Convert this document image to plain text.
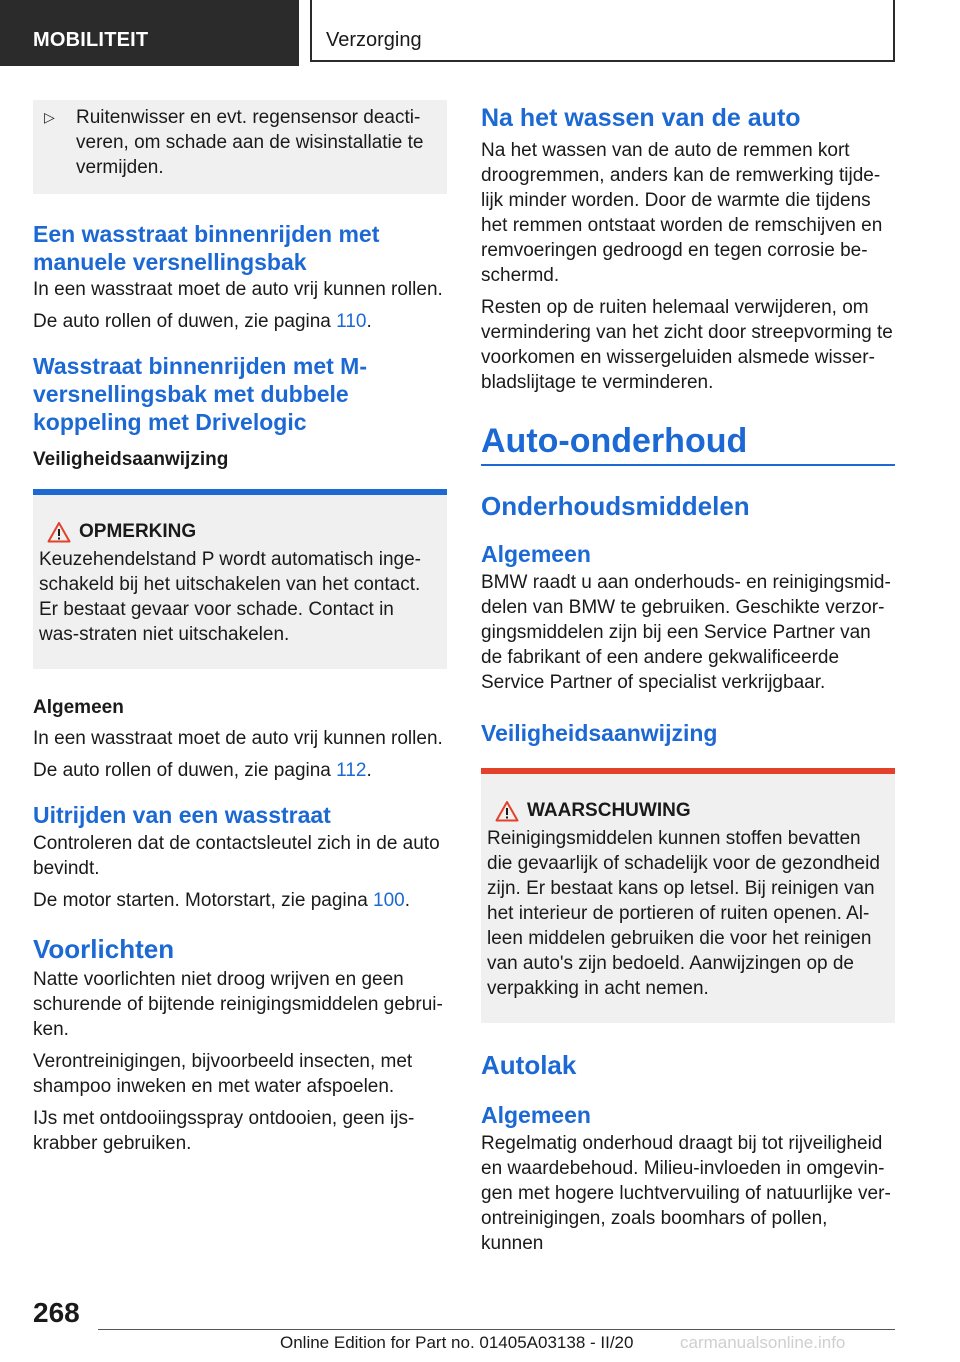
MOBILITEIT	Verzorging
▷	Ruitenwisser en evt. regensensor deacti-veren, om schade aan de wisinstallatie te vermijden.

Een wasstraat binnenrijden met manuele versnellingsbak

In een wasstraat moet de auto vrij kunnen rollen.

De auto rollen of duwen, zie pagina 110.

Wasstraat binnenrijden met M-versnellingsbak met dubbele koppeling met Drivelogic
Veiligheidsaanwijzing
OPMERKING

Keuzehendelstand P wordt automatisch inge-schakeld bij het uitschakelen van het contact. Er bestaat gevaar voor schade. Contact in was-straten niet uitschakelen.

Algemeen

In een wasstraat moet de auto vrij kunnen rollen.

De auto rollen of duwen, zie pagina 112.

Uitrijden van een wasstraat

Controleren dat de contactsleutel zich in de auto bevindt.

De motor starten. Motorstart, zie pagina 100.

Voorlichten

Natte voorlichten niet droog wrijven en geen schurende of bijtende reinigingsmiddelen gebrui-ken.

Verontreinigingen, bijvoorbeeld insecten, met shampoo inweken en met water afspoelen.

IJs met ontdooiingsspray ontdooien, geen ijs-krabber gebruiken.

Na het wassen van de auto

Na het wassen van de auto de remmen kort droogremmen, anders kan de remwerking tijde-lijk minder worden. Door de warmte die tijdens het remmen ontstaat worden de remschijven en remvoeringen gedroogd en tegen corrosie be-schermd.

Resten op de ruiten helemaal verwijderen, om vermindering van het zicht door streepvorming te voorkomen en wissergeluiden alsmede wisser-bladslijtage te verminderen.

Auto-onderhoud
Onderhoudsmiddelen
Algemeen

BMW raadt u aan onderhouds- en reinigingsmid-delen van BMW te gebruiken. Geschikte verzor-gingsmiddelen zijn bij een Service Partner van de fabrikant of een andere gekwalificeerde Service Partner of specialist verkrijgbaar.

Veiligheidsaanwijzing
WAARSCHUWING

Reinigingsmiddelen kunnen stoffen bevatten die gevaarlijk of schadelijk voor de gezondheid zijn. Er bestaat kans op letsel. Bij reinigen van het interieur de portieren of ruiten openen. Al-leen middelen gebruiken die voor het reinigen van auto's zijn bedoeld. Aanwijzingen op de verpakking in acht nemen.

Autolak
Algemeen

Regelmatig onderhoud draagt bij tot rijveiligheid en waardebehoud. Milieu-invloeden in omgevin-gen met hogere luchtvervuiling of natuurlijke ver-ontreinigingen, zoals boomhars of pollen, kunnen

268
Online Edition for Part no. 01405A03138 - II/20	carmanualsonline.info
